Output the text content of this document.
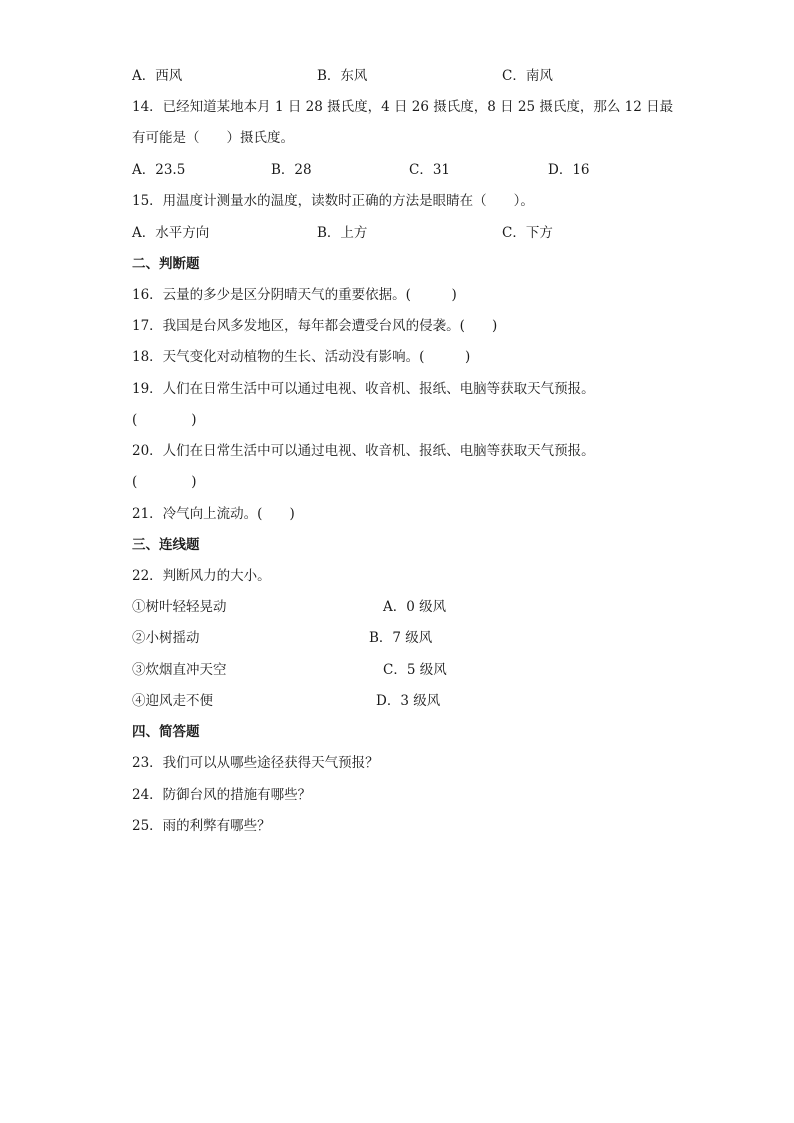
A．西风	B．东风	C．南风
14．已经知道某地本月 1 日 28 摄氏度，4 日 26 摄氏度，8 日 25 摄氏度，那么 12 日最
有可能是（　　）摄氏度。
A．23.5	B．28	C．31	D．16
15．用温度计测量水的温度，读数时正确的方法是眼睛在（　　）。
A．水平方向	B．上方	C．下方
二、判断题
16．云量的多少是区分阴晴天气的重要依据。(　　　)
17．我国是台风多发地区，每年都会遭受台风的侵袭。(　　)
18．天气变化对动植物的生长、活动没有影响。(　　　)
19．人们在日常生活中可以通过电视、收音机、报纸、电脑等获取天气预报。
(　　　　)
20．人们在日常生活中可以通过电视、收音机、报纸、电脑等获取天气预报。
(　　　　)
21．冷气向上流动。(　　)
三、连线题
22．判断风力的大小。
①树叶轻轻晃动	A．0 级风
②小树摇动	B．7 级风
③炊烟直冲天空	C．5 级风
④迎风走不便	D．3 级风
四、简答题
23．我们可以从哪些途径获得天气预报？
24．防御台风的措施有哪些？
25．雨的利弊有哪些？
